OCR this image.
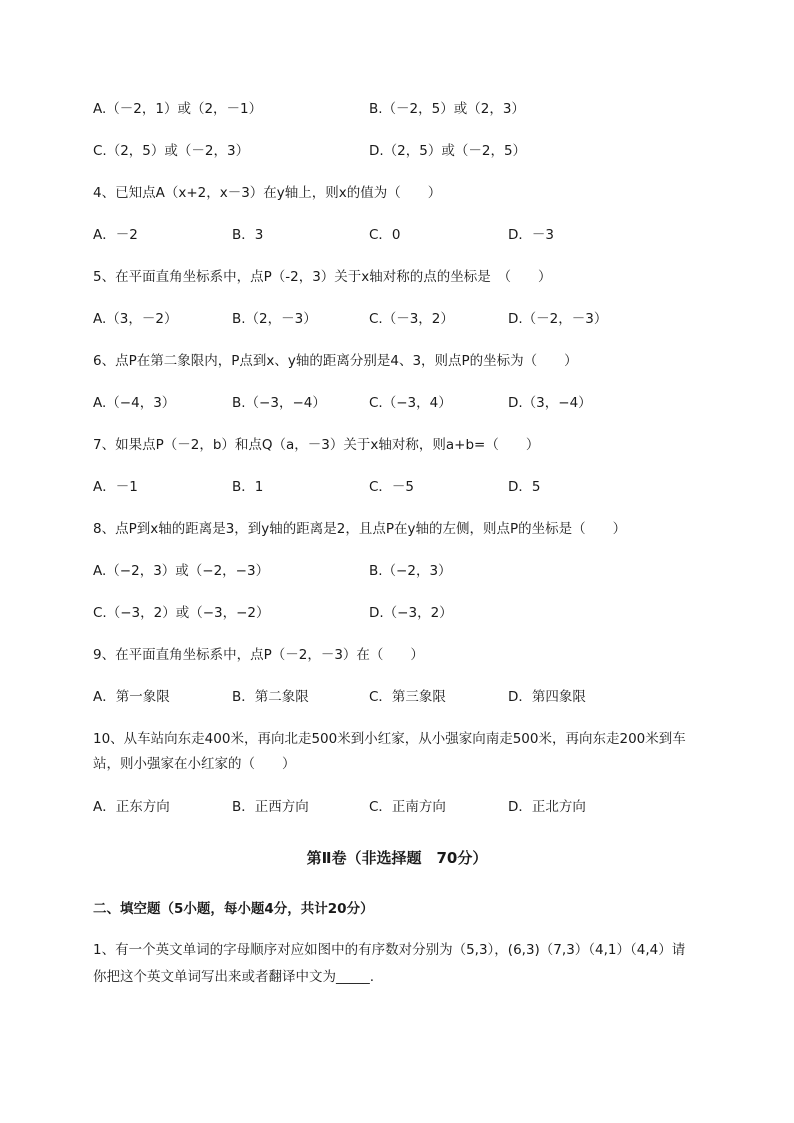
A.（－2，1）或（2，－1）	B.（－2，5）或（2，3）
C.（2，5）或（－2，3）	D.（2，5）或（－2，5）
4、已知点A（x+2，x－3）在y轴上，则x的值为（　　）
A．－2	B．3	C．0	D．－3
5、在平面直角坐标系中，点P（-2，3）关于x轴对称的点的坐标是　（　　）
A.（3，－2）	B.（2，－3）	C.（－3，2）	D.（－2，－3）
6、点P在第二象限内，P点到x、y轴的距离分别是4、3，则点P的坐标为（　　）
A.（−4，3）	B.（−3，−4）	C.（−3，4）	D.（3，−4）
7、如果点P（－2，b）和点Q（a，－3）关于x轴对称，则a+b=（　　）
A．－1	B．1	C．－5	D．5
8、点P到x轴的距离是3，到y轴的距离是2，且点P在y轴的左侧，则点P的坐标是（　　）
A.（−2，3）或（−2，−3）	B.（−2，3）
C.（−3，2）或（−3，−2）	D.（−3，2）
9、在平面直角坐标系中，点P（－2，－3）在（　　）
A．第一象限	B．第二象限	C．第三象限	D．第四象限
10、从车站向东走400米，再向北走500米到小红家，从小强家向南走500米，再向东走200米到车
站，则小强家在小红家的（　　）
A．正东方向	B．正西方向	C．正南方向	D．正北方向
第Ⅱ卷（非选择题　70分）
二、填空题（5小题，每小题4分，共计20分）
1、有一个英文单词的字母顺序对应如图中的有序数对分别为（5,3），(6,3)（7,3）（4,1）（4,4）请
你把这个英文单词写出来或者翻译中文为_____.
